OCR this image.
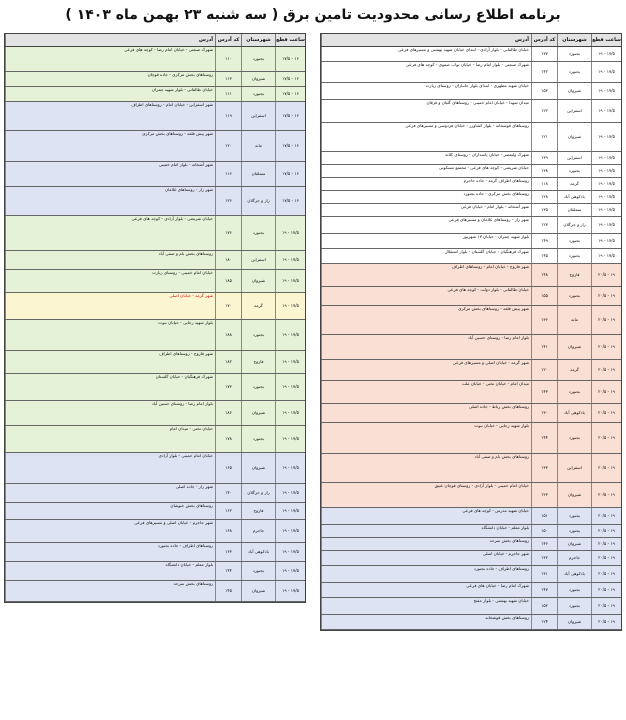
برنامه اطلاع رسانی محدودیت تامین برق ( سه شنبه ۲۳ بهمن ماه ۱۴۰۳ )
ساعت قطع
شهرستان
کد آدرس
آدرس
۱۷/۵ - ۱۹
بجنورد
۱۳۷
خیابان طالقانی - بلوار آزادی - ابتدای خیابان شهید بهشتی و مسیرهای فرعی
۱۷/۵ - ۱۹
بجنورد
۱۴۲
شهرک صنعتی - بلوار امام رضا - خیابان نواب صفوی - کوچه های فرعی
۱۷/۵ - ۱۹
شیروان
۱۵۳
خیابان شهید مطهری - ابتدای بلوار جانبازان - روستای زیارت
۱۷/۵ - ۱۹
اسفراین
۱۲۲
میدان شهدا - خیابان امام خمینی - روستاهای گلیان و قزقان
۱۷/۵ - ۱۹
شیروان
۱۲۱
روستاهای قوشخانه - بلوار کشاورز - خیابان فردوسی و مسیرهای فرعی
۱۷/۵ - ۱۹
اسفراین
۱۳۹
شهرک ولیعصر - خیابان پاسداران - روستای کلاته
۱۷/۵ - ۱۹
بجنورد
۱۳۸
خیابان شریعتی - کوچه های فرعی - مجتمع مسکونی
۱۷/۵ - ۱۹
گرمه
۱۱۸
روستاهای اطراف گرمه - جاده جاجرم
۱۷/۵ - ۱۹
بادکوهی آباد
۱۲۸
روستاهای بخش مرکزی - جاده بجنورد
۱۷/۵ - ۱۹
سملقان
۱۳۵
شهر آشخانه - بلوار امام - خیابان فرعی
۱۷/۵ - ۱۹
راز و جرگلان
۱۲۷
شهر راز - روستاهای غلامان و مسیرهای فرعی
۱۷/۵ - ۱۹
بجنورد
۱۴۹
بلوار شهید چمران - خیابان ۱۷ شهریور
۱۷/۵ - ۱۹
بجنورد
۱۴۵
شهرک فرهنگیان - خیابان گلستان - بلوار استقلال
۱۹ - ۲۰/۵
فاروج
۱۴۸
شهر فاروج - خیابان امام - روستاهای اطراف
۱۹ - ۲۰/۵
بجنورد
۱۵۵
خیابان طالقانی - بلوار دولت - کوچه های فرعی
۱۹ - ۲۰/۵
مانه
۱۳۶
شهر پیش قلعه - روستاهای بخش مرکزی
۱۹ - ۲۰/۵
شیروان
۱۴۱
بلوار امام رضا - روستای حسین آباد
۱۹ - ۲۰/۵
گرمه
۱۲۰
شهر گرمه - خیابان اصلی و مسیرهای فرعی
۱۹ - ۲۰/۵
بجنورد
۱۴۳
میدان امام - خیابان تختی - خیابان ملت
۱۹ - ۲۰/۵
بادکوهی آباد
۱۳۰
روستاهای بخش رباط - جاده اصلی
۱۹ - ۲۰/۵
بجنورد
۱۴۴
بلوار شهید رجایی - خیابان نبوت
۱۹ - ۲۰/۵
اسفراین
۱۳۳
روستاهای بخش بام و صفی آباد
۱۹ - ۲۰/۵
شیروان
۱۲۳
خیابان امام خمینی - بلوار آزادی - روستای قوچان عتیق
۱۹ - ۲۰/۵
بجنورد
۱۵۱
خیابان شهید مدرس - کوچه های فرعی
۱۹ - ۲۰/۵
بجنورد
۱۵۰
بلوار معلم - خیابان دانشگاه
۱۹ - ۲۰/۵
شیروان
۱۴۶
روستاهای بخش سرحد
۱۹ - ۲۰/۵
جاجرم
۱۳۲
شهر جاجرم - خیابان اصلی
۱۹ - ۲۰/۵
بادکوهی آباد
۱۳۱
روستاهای اطراف - جاده بجنورد
۱۹ - ۲۰/۵
بجنورد
۱۴۷
شهرک امام رضا - خیابان های فرعی
۱۹ - ۲۰/۵
بجنورد
۱۵۲
خیابان شهید بهشتی - بلوار مفتح
۱۹ - ۲۰/۵
شیروان
۱۲۴
روستاهای بخش قوشخانه
ساعت قطع
شهرستان
کد آدرس
آدرس
۱۶ - ۱۷/۵
بجنورد
۱۱۰
شهرک صنعتی - خیابان امام رضا - کوچه های فرعی
۱۶ - ۱۷/۵
شیروان
۱۱۳
روستاهای بخش مرکزی - جاده قوچان
۱۶ - ۱۷/۵
بجنورد
۱۱۱
خیابان طالقانی - بلوار شهید چمران
۱۶ - ۱۷/۵
اسفراین
۱۱۹
شهر اسفراین - خیابان امام - روستاهای اطراف
۱۶ - ۱۷/۵
مانه
۱۲۰
شهر پیش قلعه - روستاهای بخش مرکزی
۱۶ - ۱۷/۵
سملقان
۱۱۶
شهر آشخانه - بلوار امام خمینی
۱۶ - ۱۷/۵
راز و جرگلان
۱۲۶
شهر راز - روستاهای غلامان
۱۷/۵ - ۱۹
بجنورد
۱۷۶
خیابان شریعتی - بلوار آزادی - کوچه های فرعی
۱۷/۵ - ۱۹
اسفراین
۱۸۰
روستاهای بخش بام و صفی آباد
۱۷/۵ - ۱۹
شیروان
۱۸۵
خیابان امام خمینی - روستای زیارت
۱۷/۵ - ۱۹
گرمه
۱۷۰
شهر گرمه - خیابان اصلی
۱۷/۵ - ۱۹
بجنورد
۱۸۸
بلوار شهید رجایی - خیابان نبوت
۱۷/۵ - ۱۹
فاروج
۱۸۲
شهر فاروج - روستاهای اطراف
۱۷/۵ - ۱۹
بجنورد
۱۷۳
شهرک فرهنگیان - خیابان گلستان
۱۷/۵ - ۱۹
شیروان
۱۸۶
بلوار امام رضا - روستای حسین آباد
۱۷/۵ - ۱۹
بجنورد
۱۷۸
خیابان تختی - میدان امام
۱۷/۵ - ۱۹
شیروان
۱۶۵
خیابان امام خمینی - بلوار آزادی
۱۷/۵ - ۱۹
راز و جرگلان
۱۴۰
شهر راز - جاده اصلی
۱۷/۵ - ۱۹
فاروج
۱۶۲
روستاهای بخش خبوشان
۱۷/۵ - ۱۹
جاجرم
۱۶۸
شهر جاجرم - خیابان اصلی و مسیرهای فرعی
۱۷/۵ - ۱۹
بادکوهی آباد
۱۶۳
روستاهای اطراف - جاده بجنورد
۱۷/۵ - ۱۹
بجنورد
۱۴۴
بلوار معلم - خیابان دانشگاه
۱۷/۵ - ۱۹
شیروان
۱۴۵
روستاهای بخش سرحد
